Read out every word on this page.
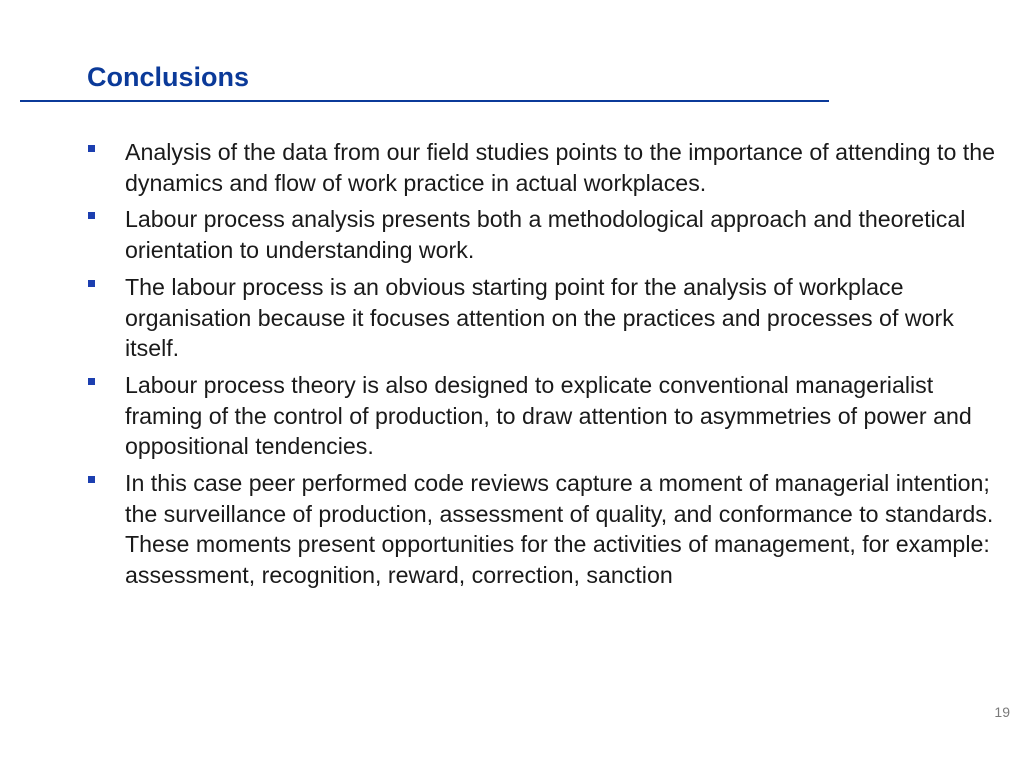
Conclusions
Analysis of the data from our field studies points to the importance of attending to the dynamics and flow of work practice in actual workplaces.
Labour process analysis presents both a methodological approach and theoretical orientation to understanding work.
The labour process is an obvious starting point for the analysis of workplace organisation because it focuses attention on the practices and processes of work itself.
Labour process theory is also designed to explicate conventional managerialist framing of the control of production, to draw attention to asymmetries of power and oppositional tendencies.
In this case peer performed code reviews capture a moment of managerial intention; the surveillance of production, assessment of quality, and conformance to standards. These moments present opportunities for the activities of management, for example: assessment, recognition, reward, correction, sanction
19
